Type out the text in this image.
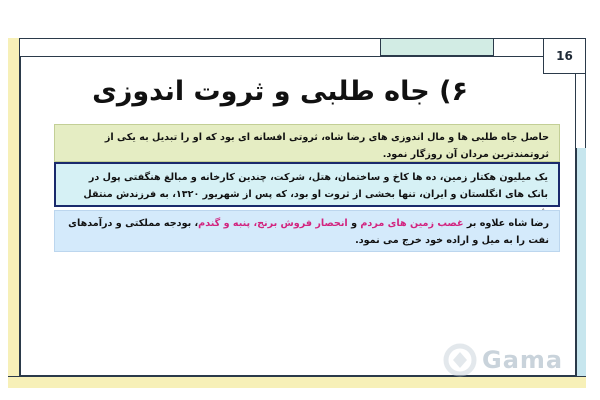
16
۶) جاه طلبی و ثروت اندوزی
حاصل جاه طلبی ها و مال اندوزی های رضا شاه، ثروتی افسانه ای بود که او را تبدیل به یکی از ثروتمندترین مردان آن روزگار نمود.
یک میلیون هکتار زمین، ده ها کاخ و ساختمان، هتل، شرکت، چندین کارخانه و مبالغ هنگفتی پول در بانک های انگلستان و ایران، تنها بخشی از ثروت او بود، که پس از شهریور ۱۳۲۰، به فرزندش منتقل
رضا شاه علاوه بر غصب زمین های مردم و انحصار فروش برنج، پنبه و گندم، بودجه مملکتی و درآمدهای نفت را به میل و اراده خود خرج می نمود.
Gama
